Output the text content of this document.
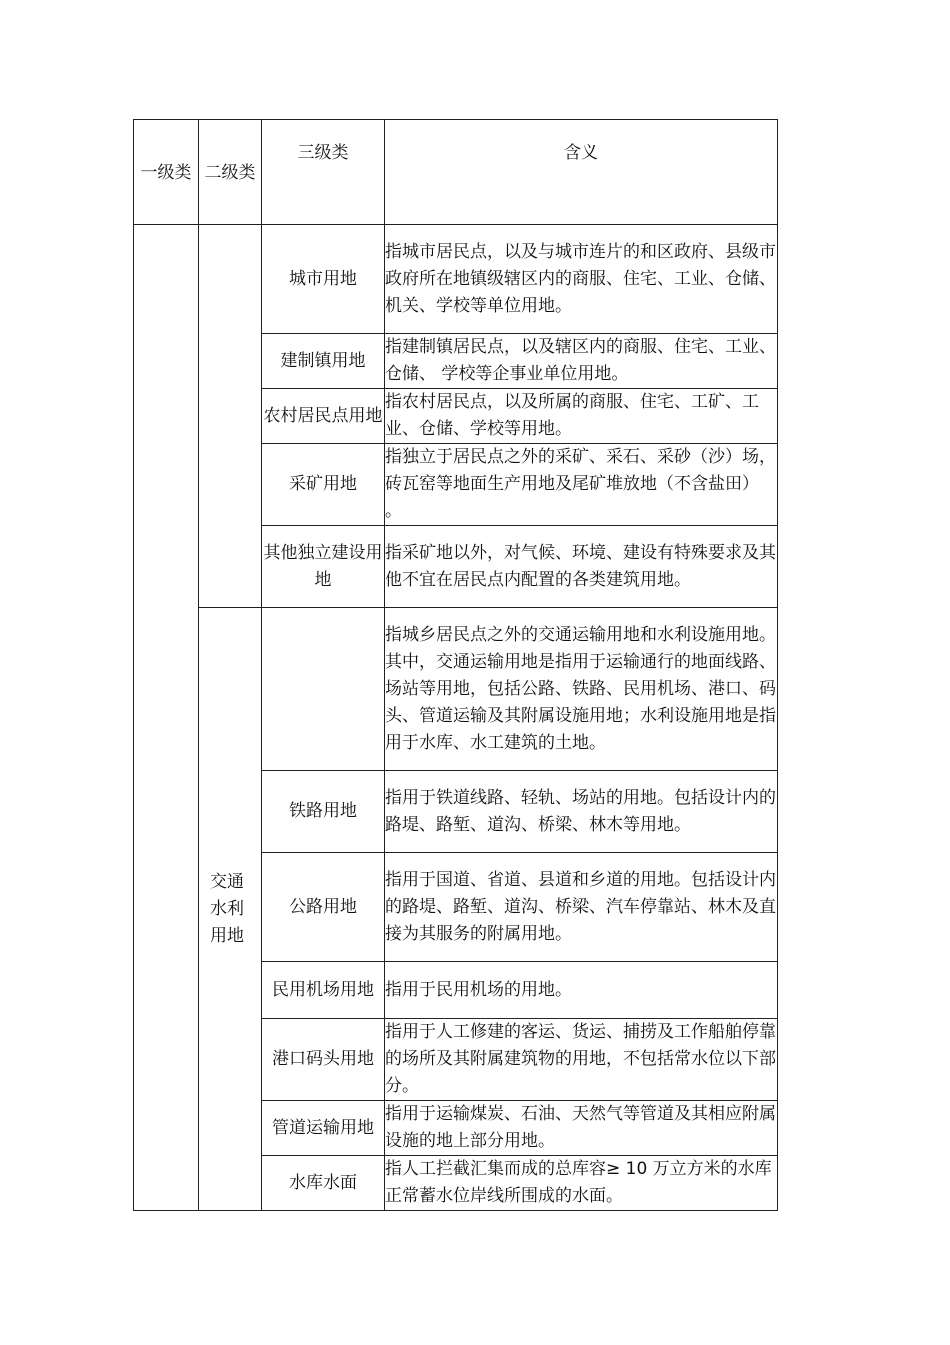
一级类	二级类	三级类	含义
		城市用地	指城市居民点，以及与城市连片的和区政府、县级市政府所在地镇级辖区内的商服、住宅、工业、仓储、机关、学校等单位用地。
		建制镇用地	指建制镇居民点，以及辖区内的商服、住宅、工业、仓储、 学校等企事业单位用地。
		农村居民点用地	指农村居民点，以及所属的商服、住宅、工矿、工业、仓储、学校等用地。
		采矿用地	指独立于居民点之外的采矿、采石、采砂（沙）场，砖瓦窑等地面生产用地及尾矿堆放地（不含盐田） 。
		其他独立建设用地	指采矿地以外，对气候、环境、建设有特殊要求及其他不宜在居民点内配置的各类建筑用地。
	交通水利用地		指城乡居民点之外的交通运输用地和水利设施用地。其中，交通运输用地是指用于运输通行的地面线路、场站等用地，包括公路、铁路、民用机场、港口、码头、管道运输及其附属设施用地；水利设施用地是指用于水库、水工建筑的土地。
		铁路用地	指用于铁道线路、轻轨、场站的用地。包括设计内的路堤、路堑、道沟、桥梁、林木等用地。
		公路用地	指用于国道、省道、县道和乡道的用地。包括设计内的路堤、路堑、道沟、桥梁、汽车停靠站、林木及直接为其服务的附属用地。
		民用机场用地	指用于民用机场的用地。
		港口码头用地	指用于人工修建的客运、货运、捕捞及工作船舶停靠的场所及其附属建筑物的用地，不包括常水位以下部分。
		管道运输用地	指用于运输煤炭、石油、天然气等管道及其相应附属设施的地上部分用地。
		水库水面	指人工拦截汇集而成的总库容≥ 10 万立方米的水库正常蓄水位岸线所围成的水面。
